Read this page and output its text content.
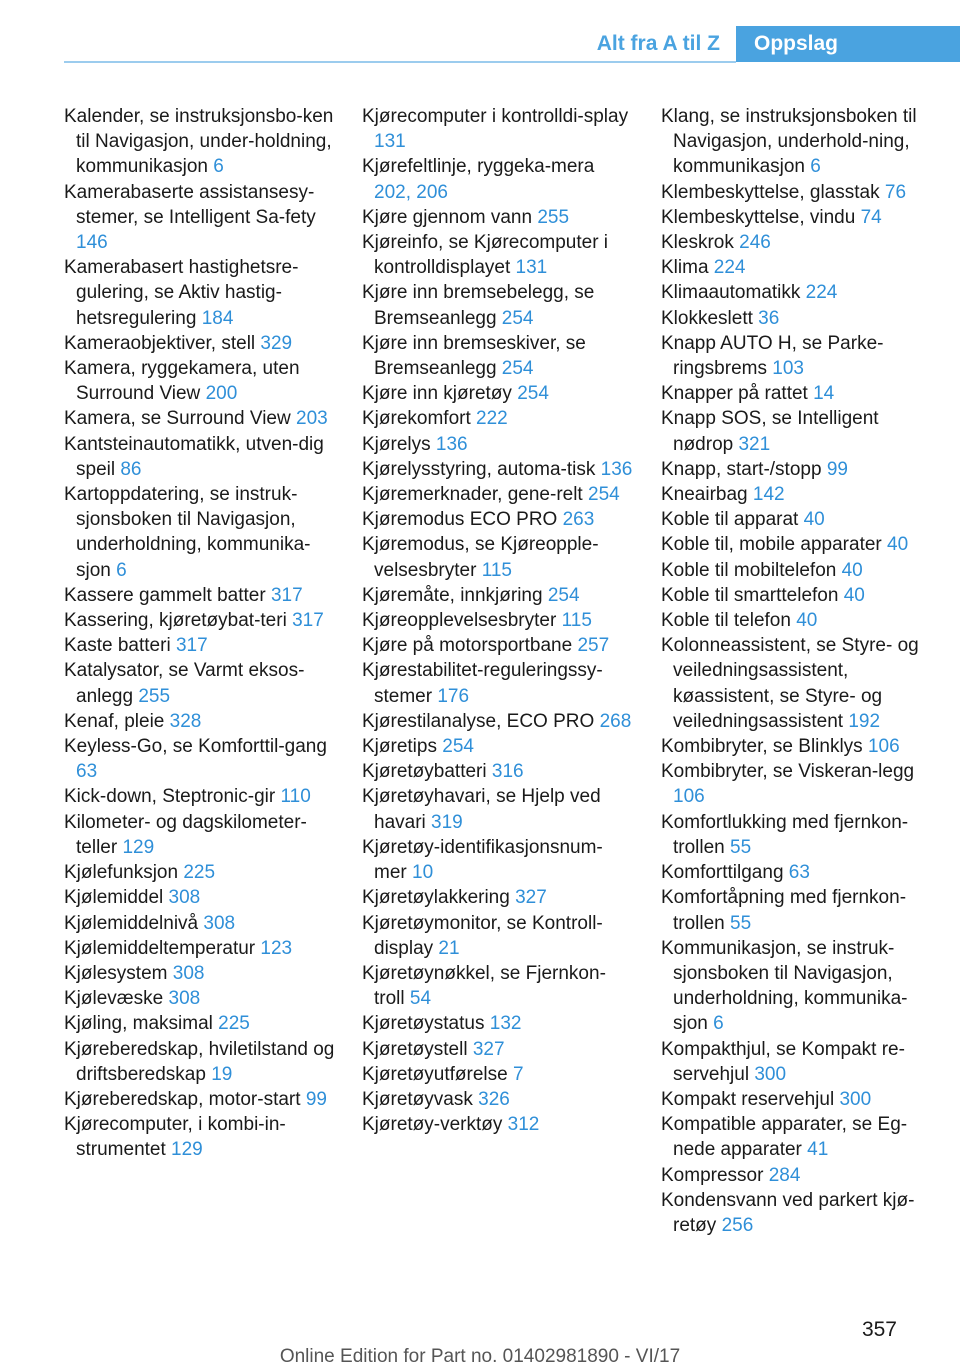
Alt fra A til Z	Oppslag
Kalender, se instruksjonsbo-ken til Navigasjon, under-holdning, kommunikasjon 6
Kamerabaserte assistansesy-stemer, se Intelligent Sa-fety 146
Kamerabasert hastighetsre-gulering, se Aktiv hastig-hetsregulering 184
Kameraobjektiver, stell 329
Kamera, ryggekamera, uten Surround View 200
Kamera, se Surround View 203
Kantsteinautomatikk, utven-dig speil 86
Kartoppdatering, se instruk-sjonsboken til Navigasjon, underholdning, kommunika-sjon 6
Kassere gammelt batter 317
Kassering, kjøretøybat-teri 317
Kaste batteri 317
Katalysator, se Varmt eksos-anlegg 255
Kenaf, pleie 328
Keyless-Go, se Komforttil-gang 63
Kick-down, Steptronic-gir 110
Kilometer- og dagskilometer-teller 129
Kjølefunksjon 225
Kjølemiddel 308
Kjølemiddelnivå 308
Kjølemiddeltemperatur 123
Kjølesystem 308
Kjølevæske 308
Kjøling, maksimal 225
Kjøreberedskap, hviletilstand og driftsberedskap 19
Kjøreberedskap, motor-start 99
Kjørecomputer, i kombi-in-strumentet 129
Kjørecomputer i kontrolldi-splay 131
Kjørefeltlinje, ryggeka-mera 202, 206
Kjøre gjennom vann 255
Kjøreinfo, se Kjørecomputer i kontrolldisplayet 131
Kjøre inn bremsebelegg, se Bremseanlegg 254
Kjøre inn bremseskiver, se Bremseanlegg 254
Kjøre inn kjøretøy 254
Kjørekomfort 222
Kjørelys 136
Kjørelysstyring, automa-tisk 136
Kjøremerknader, gene-relt 254
Kjøremodus ECO PRO 263
Kjøremodus, se Kjøreopple-velsesbryter 115
Kjøremåte, innkjøring 254
Kjøreopplevelsesbryter 115
Kjøre på motorsportbane 257
Kjørestabilitet-reguleringssy-stemer 176
Kjørestilanalyse, ECO PRO 268
Kjøretips 254
Kjøretøybatteri 316
Kjøretøyhavari, se Hjelp ved havari 319
Kjøretøy-identifikasjonsnum-mer 10
Kjøretøylakkering 327
Kjøretøymonitor, se Kontroll-display 21
Kjøretøynøkkel, se Fjernkon-troll 54
Kjøretøystatus 132
Kjøretøystell 327
Kjøretøyutførelse 7
Kjøretøyvask 326
Kjøretøy-verktøy 312
Klang, se instruksjonsboken til Navigasjon, underhold-ning, kommunikasjon 6
Klembeskyttelse, glasstak 76
Klembeskyttelse, vindu 74
Kleskrok 246
Klima 224
Klimaautomatikk 224
Klokkeslett 36
Knapp AUTO H, se Parke-ringsbrems 103
Knapper på rattet 14
Knapp SOS, se Intelligent nødrop 321
Knapp, start-/stopp 99
Kneairbag 142
Koble til apparat 40
Koble til, mobile apparater 40
Koble til mobiltelefon 40
Koble til smarttelefon 40
Koble til telefon 40
Kolonneassistent, se Styre- og veiledningsassistent, køassistent, se Styre- og veiledningsassistent 192
Kombibryter, se Blinklys 106
Kombibryter, se Viskeran-legg 106
Komfortlukking med fjernkon-trollen 55
Komforttilgang 63
Komfortåpning med fjernkon-trollen 55
Kommunikasjon, se instruk-sjonsboken til Navigasjon, underholdning, kommunika-sjon 6
Kompakthjul, se Kompakt re-servehjul 300
Kompakt reservehjul 300
Kompatible apparater, se Eg-nede apparater 41
Kompressor 284
Kondensvann ved parkert kjø-retøy 256
357
Online Edition for Part no. 01402981890 - VI/17
